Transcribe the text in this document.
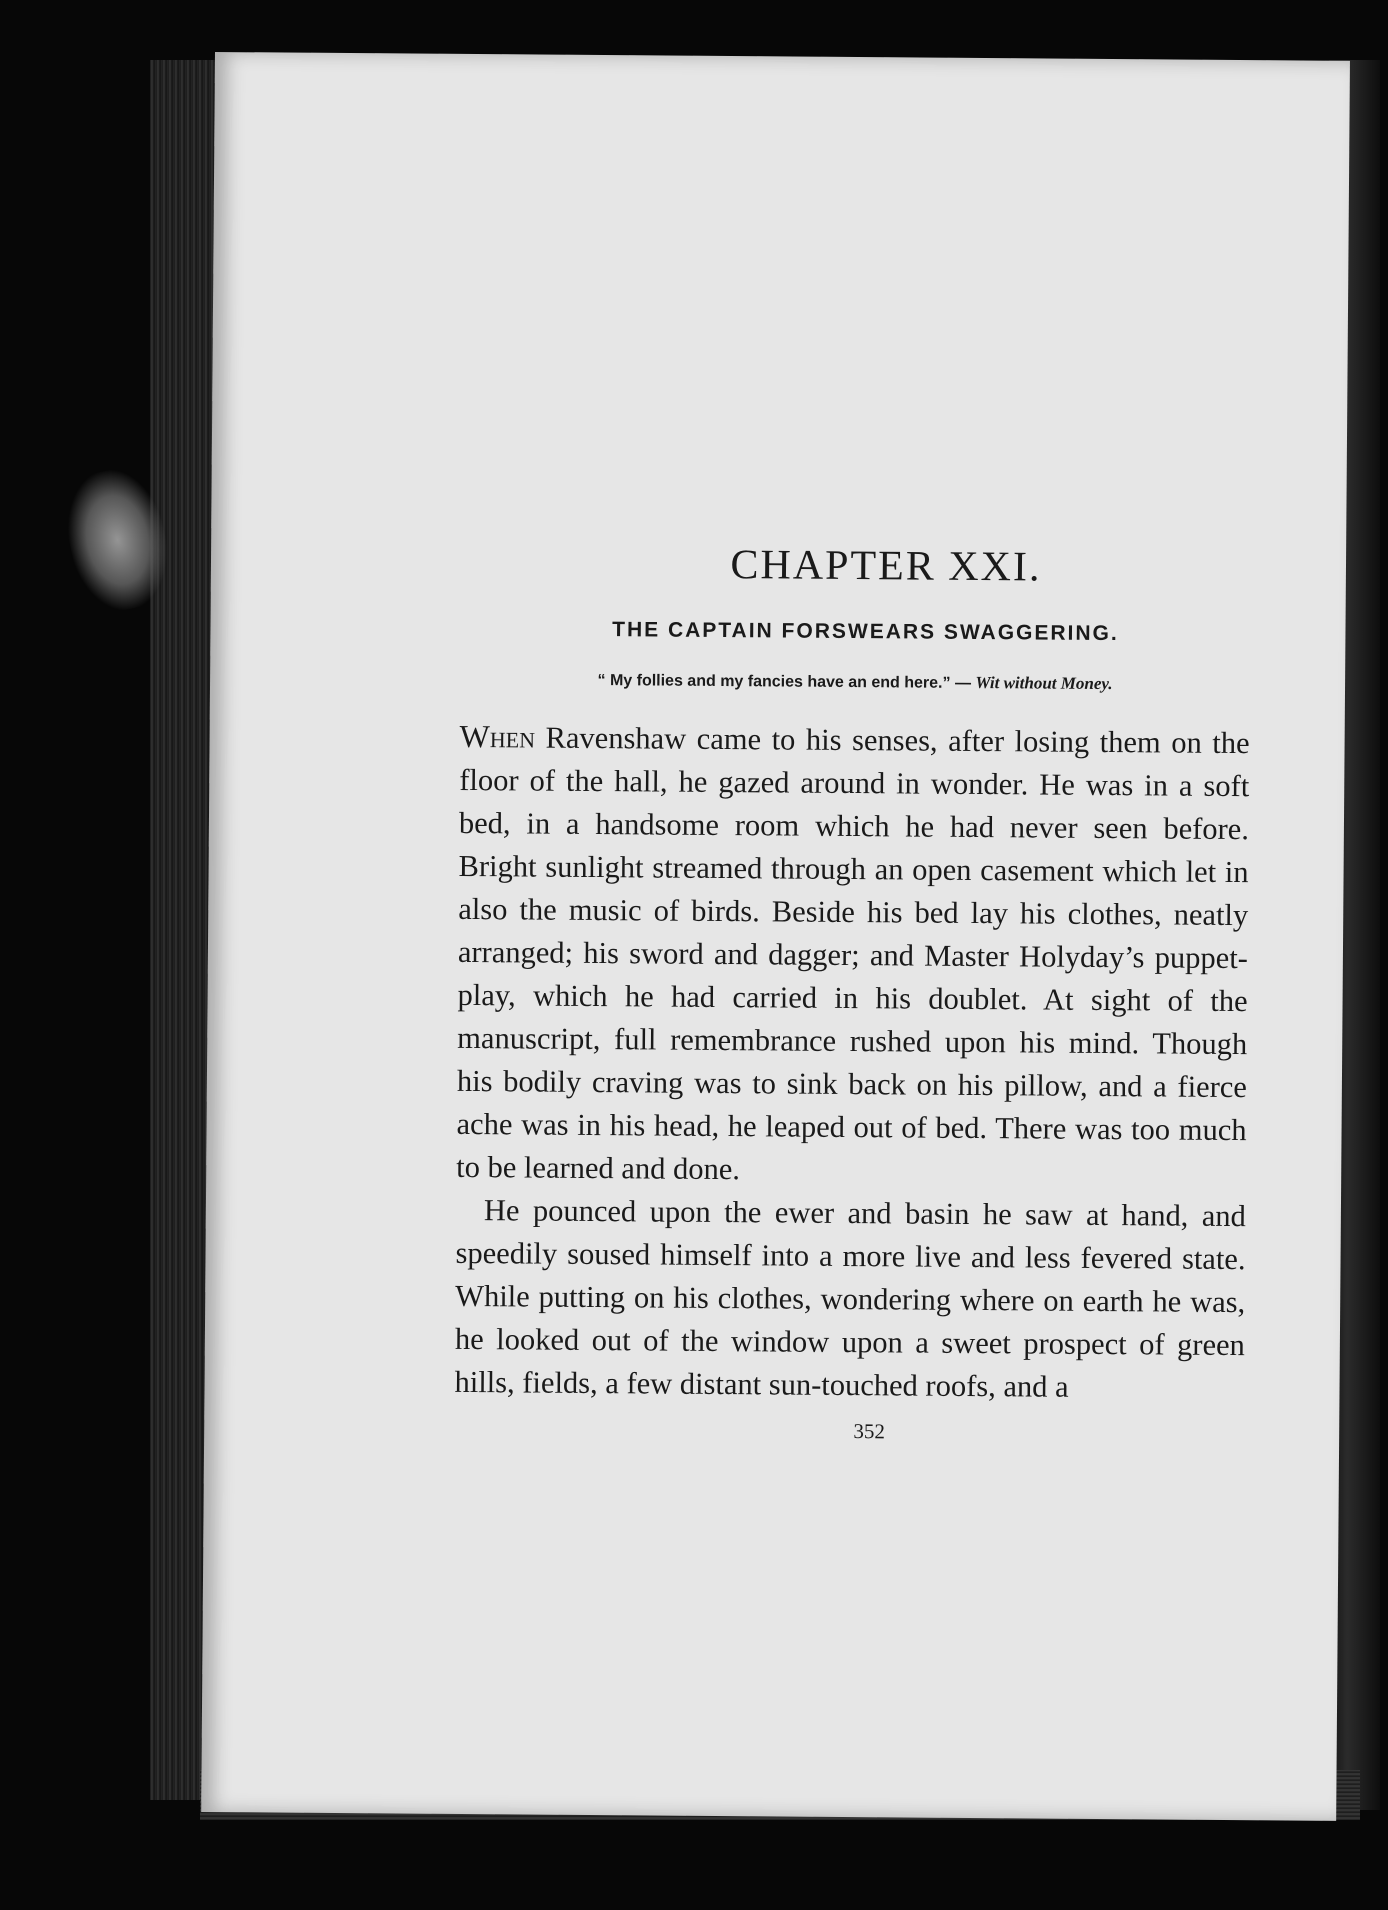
CHAPTER XXI.
THE CAPTAIN FORSWEARS SWAGGERING.
“ My follies and my fancies have an end here.” — Wit without Money.

When Ravenshaw came to his senses, after losing them on the floor of the hall, he gazed around in wonder. He was in a soft bed, in a handsome room which he had never seen before. Bright sunlight streamed through an open casement which let in also the music of birds. Beside his bed lay his clothes, neatly arranged; his sword and dagger; and Master Holyday’s puppet-play, which he had carried in his doublet. At sight of the manuscript, full remembrance rushed upon his mind. Though his bodily craving was to sink back on his pillow, and a fierce ache was in his head, he leaped out of bed. There was too much to be learned and done.

He pounced upon the ewer and basin he saw at hand, and speedily soused himself into a more live and less fevered state. While putting on his clothes, wondering where on earth he was, he looked out of the window upon a sweet prospect of green hills, fields, a few distant sun-touched roofs, and a

352
